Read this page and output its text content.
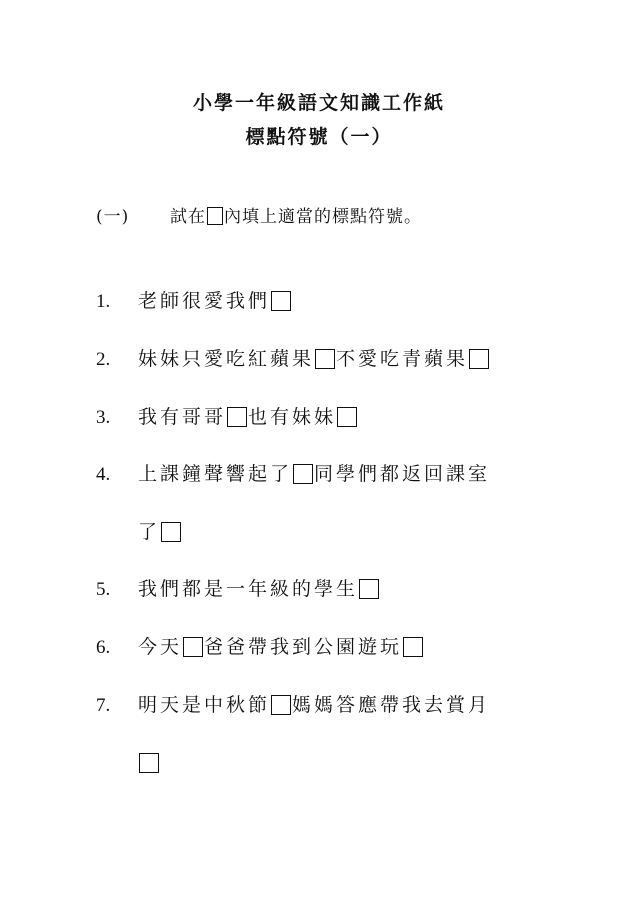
小學一年級語文知識工作紙
標點符號（一）
(一) 試在 內填上適當的標點符號。
1. 老師很愛我們
2. 妹妹只愛吃紅蘋果 不愛吃青蘋果
3. 我有哥哥 也有妹妹
4. 上課鐘聲響起了 同學們都返回課室
了
5. 我們都是一年級的學生
6. 今天 爸爸帶我到公園遊玩
7. 明天是中秋節 媽媽答應帶我去賞月
